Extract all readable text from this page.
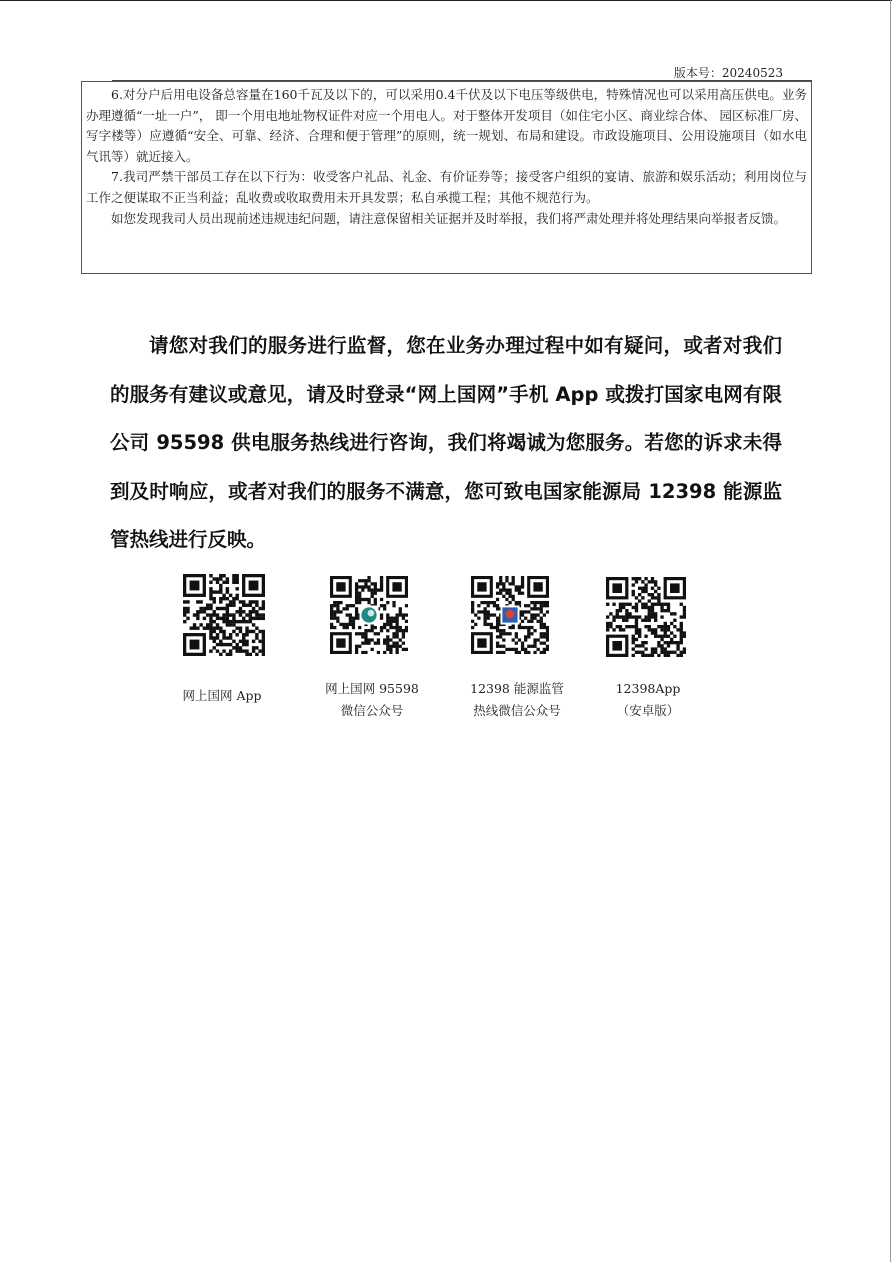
版本号：20240523

6.对分户后用电设备总容量在160千瓦及以下的，可以采用0.4千伏及以下电压等级供电，特殊情况也可以采用高压供电。业务办理遵循“一址一户”， 即一个用电地址物权证件对应一个用电人。对于整体开发项目（如住宅小区、商业综合体、 园区标准厂房、写字楼等）应遵循“安全、可靠、经济、合理和便于管理”的原则，统一规划、布局和建设。市政设施项目、公用设施项目（如水电气讯等）就近接入。

7.我司严禁干部员工存在以下行为：收受客户礼品、礼金、有价证券等；接受客户组织的宴请、旅游和娱乐活动；利用岗位与工作之便谋取不正当利益；乱收费或收取费用未开具发票；私自承揽工程；其他不规范行为。

如您发现我司人员出现前述违规违纪问题，请注意保留相关证据并及时举报，我们将严肃处理并将处理结果向举报者反馈。

请您对我们的服务进行监督，您在业务办理过程中如有疑问，或者对我们的服务有建议或意见，请及时登录“网上国网”手机 App 或拨打国家电网有限公司 95598 供电服务热线进行咨询，我们将竭诚为您服务。若您的诉求未得到及时响应，或者对我们的服务不满意，您可致电国家能源局 12398 能源监管热线进行反映。

网上国网 App	网上国网 95598
微信公众号
12398 能源监管
热线微信公众号
12398App
（安卓版）
